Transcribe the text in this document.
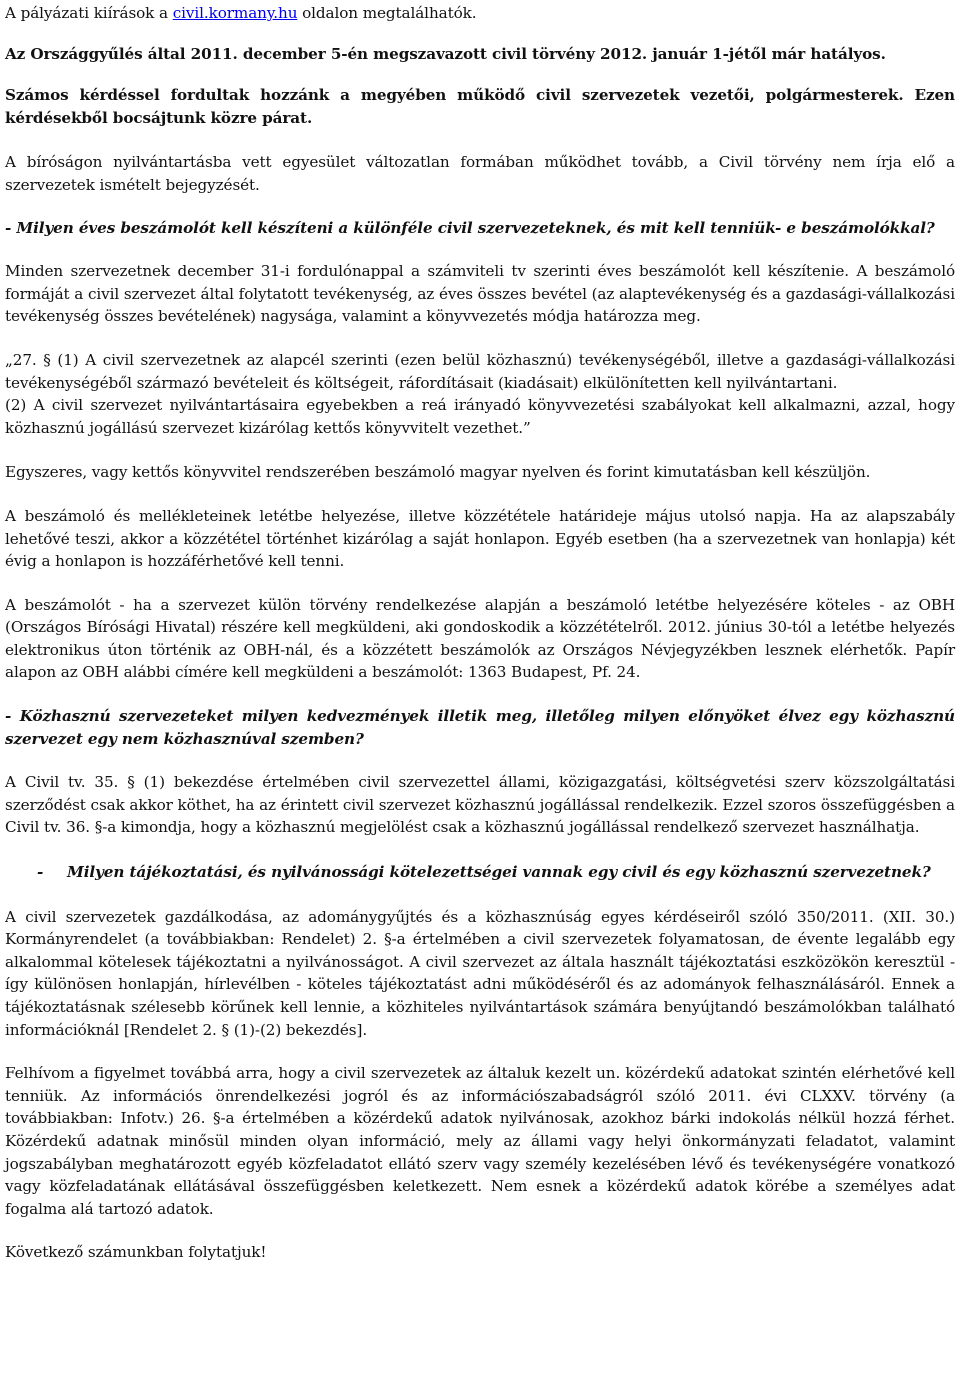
A pályázati kiírások a civil.kormany.hu oldalon megtalálhatók.

Az Országgyűlés által 2011. december 5-én megszavazott civil törvény 2012. január 1-jétől már hatályos.

Számos kérdéssel fordultak hozzánk a megyében működő civil szervezetek vezetői, polgármesterek. Ezen kérdésekből bocsájtunk közre párat.

A bíróságon nyilvántartásba vett egyesület változatlan formában működhet tovább, a Civil törvény nem írja elő a szervezetek ismételt bejegyzését.

- Milyen éves beszámolót kell készíteni a különféle civil szervezeteknek, és mit kell tenniük- e beszámolókkal?

Minden szervezetnek december 31-i fordulónappal a számviteli tv szerinti éves beszámolót kell készítenie. A beszámoló formáját a civil szervezet által folytatott tevékenység, az éves összes bevétel (az alaptevékenység és a gazdasági-vállalkozási tevékenység összes bevételének) nagysága, valamint a könyvvezetés módja határozza meg.

„27. § (1) A civil szervezetnek az alapcél szerinti (ezen belül közhasznú) tevékenységéből, illetve a gazdasági-vállalkozási tevékenységéből származó bevételeit és költségeit, ráfordításait (kiadásait) elkülönítetten kell nyilvántartani.

(2) A civil szervezet nyilvántartásaira egyebekben a reá irányadó könyvvezetési szabályokat kell alkalmazni, azzal, hogy közhasznú jogállású szervezet kizárólag kettős könyvvitelt vezethet.”

Egyszeres, vagy kettős könyvvitel rendszerében beszámoló magyar nyelven és forint kimutatásban kell készüljön.

A beszámoló és mellékleteinek letétbe helyezése, illetve közzététele határideje május utolsó napja. Ha az alapszabály lehetővé teszi, akkor a közzététel történhet kizárólag a saját honlapon. Egyéb esetben (ha a szervezetnek van honlapja) két évig a honlapon is hozzáférhetővé kell tenni.

A beszámolót - ha a szervezet külön törvény rendelkezése alapján a beszámoló letétbe helyezésére köteles - az OBH (Országos Bírósági Hivatal) részére kell megküldeni, aki gondoskodik a közzétételről. 2012. június 30-tól a letétbe helyezés elektronikus úton történik az OBH-nál, és a közzétett beszámolók az Országos Névjegyzékben lesznek elérhetők. Papír alapon az OBH alábbi címére kell megküldeni a beszámolót: 1363 Budapest, Pf. 24.

- Közhasznú szervezeteket milyen kedvezmények illetik meg, illetőleg milyen előnyöket élvez egy közhasznú szervezet egy nem közhasznúval szemben?

A Civil tv. 35. § (1) bekezdése értelmében civil szervezettel állami, közigazgatási, költségvetési szerv közszolgáltatási szerződést csak akkor köthet, ha az érintett civil szervezet közhasznú jogállással rendelkezik. Ezzel szoros összefüggésben a Civil tv. 36. §-a kimondja, hogy a közhasznú megjelölést csak a közhasznú jogállással rendelkező szervezet használhatja.

-	Milyen tájékoztatási, és nyilvánossági kötelezettségei vannak egy civil és egy közhasznú szervezetnek?

A civil szervezetek gazdálkodása, az adománygyűjtés és a közhasznúság egyes kérdéseiről szóló 350/2011. (XII. 30.) Kormányrendelet (a továbbiakban: Rendelet) 2. §-a értelmében a civil szervezetek folyamatosan, de évente legalább egy alkalommal kötelesek tájékoztatni a nyilvánosságot. A civil szervezet az általa használt tájékoztatási eszközökön keresztül - így különösen honlapján, hírlevélben - köteles tájékoztatást adni működéséről és az adományok felhasználásáról. Ennek a tájékoztatásnak szélesebb körűnek kell lennie, a közhiteles nyilvántartások számára benyújtandó beszámolókban található információknál [Rendelet 2. § (1)-(2) bekezdés].

Felhívom a figyelmet továbbá arra, hogy a civil szervezetek az általuk kezelt un. közérdekű adatokat szintén elérhetővé kell tenniük. Az információs önrendelkezési jogról és az információszabadságról szóló 2011. évi CLXXV. törvény (a továbbiakban: Infotv.) 26. §-a értelmében a közérdekű adatok nyilvánosak, azokhoz bárki indokolás nélkül hozzá férhet. Közérdekű adatnak minősül minden olyan információ, mely az állami vagy helyi önkormányzati feladatot, valamint jogszabályban meghatározott egyéb közfeladatot ellátó szerv vagy személy kezelésében lévő és tevékenységére vonatkozó vagy közfeladatának ellátásával összefüggésben keletkezett. Nem esnek a közérdekű adatok körébe a személyes adat fogalma alá tartozó adatok.

Következő számunkban folytatjuk!
